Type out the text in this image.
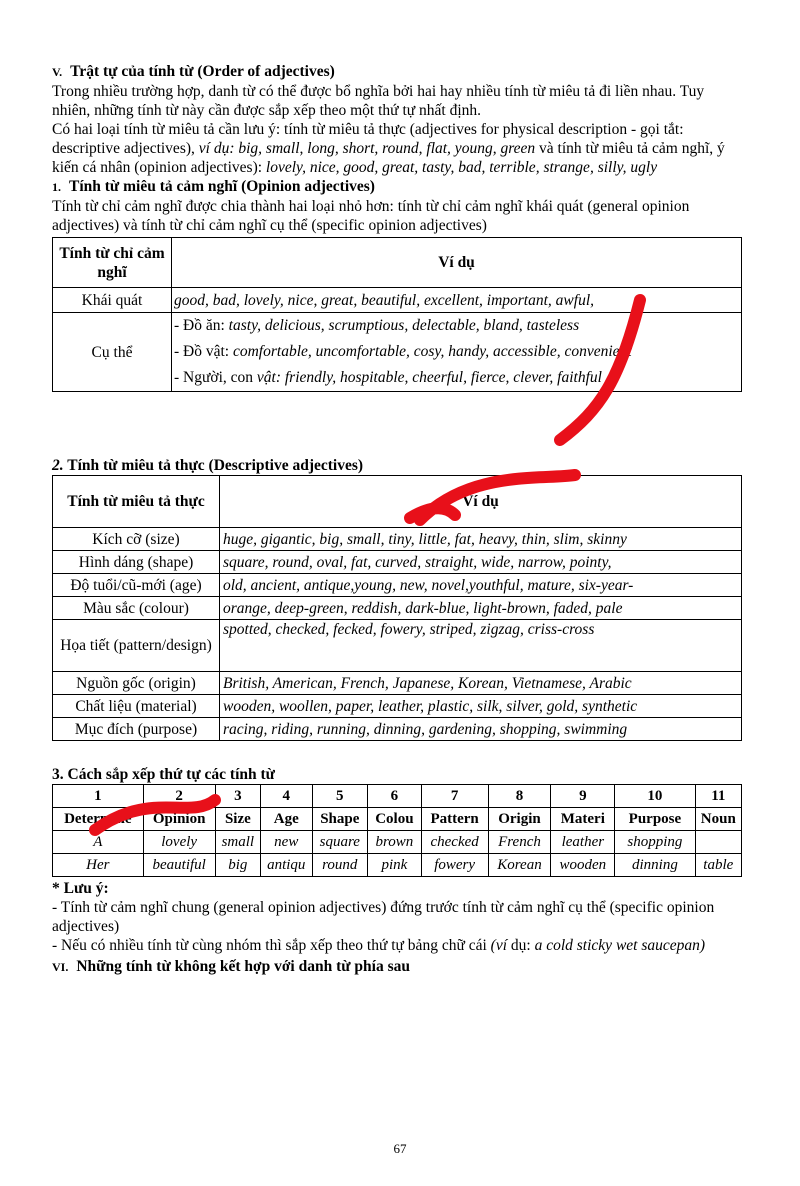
V. Trật tự của tính từ (Order of adjectives)

Trong nhiều trường hợp, danh từ có thể được bổ nghĩa bởi hai hay nhiều tính từ miêu tả đi liền nhau. Tuy nhiên, những tính từ này cần được sắp xếp theo một thứ tự nhất định.

Có hai loại tính từ miêu tả cần lưu ý: tính từ miêu tả thực (adjectives for physical description - gọi tắt: descriptive adjectives), ví dụ: big, small, long, short, round, flat, young, green và tính từ miêu tả cảm nghĩ, ý kiến cá nhân (opinion adjectives): lovely, nice, good, great, tasty, bad, terrible, strange, silly, ugly

1. Tính từ miêu tả cảm nghĩ (Opinion adjectives)

Tính từ chỉ cảm nghĩ được chia thành hai loại nhỏ hơn: tính từ chỉ cảm nghĩ khái quát (general opinion adjectives) và tính từ chỉ cảm nghĩ cụ thể (specific opinion adjectives)

Tính từ chỉ cảm nghĩ	Ví dụ
Khái quát	good, bad, lovely, nice, great, beautiful, excellent, important, awful,
Cụ thể	- Đồ ăn: tasty, delicious, scrumptious, delectable, bland, tasteless
- Đồ vật: comfortable, uncomfortable, cosy, handy, accessible, convenient
- Người, con vật: friendly, hospitable, cheerful, fierce, clever, faithful

2. Tính từ miêu tả thực (Descriptive adjectives)

Tính từ miêu tả thực	Ví dụ
Kích cỡ (size)	huge, gigantic, big, small, tiny, little, fat, heavy, thin, slim, skinny
Hình dáng (shape)	square, round, oval, fat, curved, straight, wide, narrow, pointy,
Độ tuổi/cũ-mới (age)	old, ancient, antique,young, new, novel,youthful, mature, six-year-
Màu sắc (colour)	orange, deep-green, reddish, dark-blue, light-brown, faded, pale
Họa tiết (pattern/design)	spotted, checked, fecked, fowery, striped, zigzag, criss-cross
Nguồn gốc (origin)	British, American, French, Japanese, Korean, Vietnamese, Arabic
Chất liệu (material)	wooden, woollen, paper, leather, plastic, silk, silver, gold, synthetic
Mục đích (purpose)	racing, riding, running, dinning, gardening, shopping, swimming

3. Cách sắp xếp thứ tự các tính từ

1	2	3	4	5	6	7	8	9	10	11
Determine	Opinion	Size	Age	Shape	Colou	Pattern	Origin	Materi	Purpose	Noun
A	lovely	small	new	square	brown	checked	French	leather	shopping	
Her	beautiful	big	antiqu	round	pink	fowery	Korean	wooden	dinning	table

* Lưu ý:

- Tính từ cảm nghĩ chung (general opinion adjectives) đứng trước tính từ cảm nghĩ cụ thể (specific opinion adjectives)

- Nếu có nhiều tính từ cùng nhóm thì sắp xếp theo thứ tự bảng chữ cái (ví dụ: a cold sticky wet saucepan)

VI. Những tính từ không kết hợp với danh từ phía sau

67
